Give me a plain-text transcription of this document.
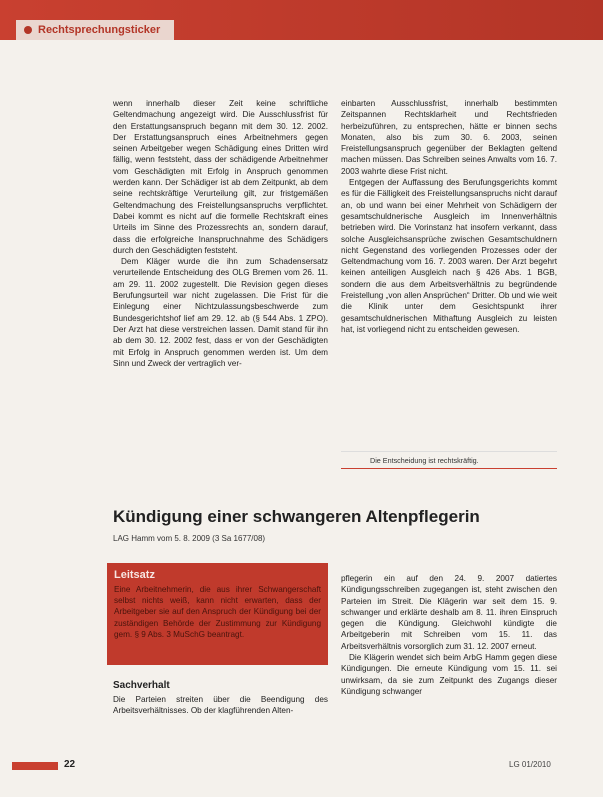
Rechtsprechungsticker

wenn innerhalb dieser Zeit keine schriftliche Geltendmachung angezeigt wird. Die Ausschlussfrist für den Erstattungsanspruch begann mit dem 30. 12. 2002. Der Erstattungsanspruch eines Arbeitnehmers gegen seinen Arbeitgeber wegen Schädigung eines Dritten wird fällig, wenn feststeht, dass der schädigende Arbeitnehmer vom Geschädigten mit Erfolg in Anspruch genommen werden kann. Der Schädiger ist ab dem Zeitpunkt, ab dem seine rechtskräftige Verurteilung gilt, zur fristgemäßen Geltendmachung des Freistellungsanspruchs verpflichtet. Dabei kommt es nicht auf die formelle Rechtskraft eines Urteils im Sinne des Prozessrechts an, sondern darauf, dass die erfolgreiche Inanspruchnahme des Schädigers durch den Geschädigten feststeht.

Dem Kläger wurde die ihn zum Schadensersatz verurteilende Entscheidung des OLG Bremen vom 26. 11. am 29. 11. 2002 zugestellt. Die Revision gegen dieses Berufungsurteil war nicht zugelassen. Die Frist für die Einlegung einer Nichtzulassungsbeschwerde zum Bundesgerichtshof lief am 29. 12. ab (§ 544 Abs. 1 ZPO). Der Arzt hat diese verstreichen lassen. Damit stand für ihn ab dem 30. 12. 2002 fest, dass er von der Geschädigten mit Erfolg in Anspruch genommen werden ist. Um dem Sinn und Zweck der vertraglich ver-

einbarten Ausschlussfrist, innerhalb bestimmten Zeitspannen Rechtsklarheit und Rechtsfrieden herbeizuführen, zu entsprechen, hätte er binnen sechs Monaten, also bis zum 30. 6. 2003, seinen Freistellungsanspruch gegenüber der Beklagten geltend machen müssen. Das Schreiben seines Anwalts vom 16. 7. 2003 wahrte diese Frist nicht.

Entgegen der Auffassung des Berufungsgerichts kommt es für die Fälligkeit des Freistellungsanspruchs nicht darauf an, ob und wann bei einer Mehrheit von Schädigern der gesamtschuldnerische Ausgleich im Innenverhältnis betrieben wird. Die Vorinstanz hat insofern verkannt, dass solche Ausgleichsansprüche zwischen Gesamtschuldnern nicht Gegenstand des vorliegenden Prozesses oder der Geltendmachung vom 16. 7. 2003 waren. Der Arzt begehrt keinen anteiligen Ausgleich nach § 426 Abs. 1 BGB, sondern die aus dem Arbeitsverhältnis zu begründende Freistellung „von allen Ansprüchen“ Dritter. Ob und wie weit die Klinik unter dem Gesichtspunkt ihrer gesamtschuldnerischen Mithaftung Ausgleich zu leisten hat, ist vorliegend nicht zu entscheiden gewesen.

Die Entscheidung ist rechtskräftig.
Kündigung einer schwangeren Altenpflegerin
LAG Hamm vom 5. 8. 2009 (3 Sa 1677/08)
Leitsatz
Eine Arbeitnehmerin, die aus ihrer Schwangerschaft selbst nichts weiß, kann nicht erwarten, dass der Arbeitgeber sie auf den Anspruch der Kündigung bei der zuständigen Behörde der Zustimmung zur Kündigung gem. § 9 Abs. 3 MuSchG beantragt.
Sachverhalt

Die Parteien streiten über die Beendigung des Arbeitsverhältnisses. Ob der klagführenden Alten-

pflegerin ein auf den 24. 9. 2007 datiertes Kündigungsschreiben zugegangen ist, steht zwischen den Parteien im Streit. Die Klägerin war seit dem 15. 9. schwanger und erklärte deshalb am 8. 11. ihren Einspruch gegen die Kündigung. Gleichwohl kündigte die Arbeitgeberin mit Schreiben vom 15. 11. das Arbeitsverhältnis vorsorglich zum 31. 12. 2007 erneut.

Die Klägerin wendet sich beim ArbG Hamm gegen diese Kündigungen. Die erneute Kündigung vom 15. 11. sei unwirksam, da sie zum Zeitpunkt des Zugangs dieser Kündigung schwanger

22	LG 01/2010
